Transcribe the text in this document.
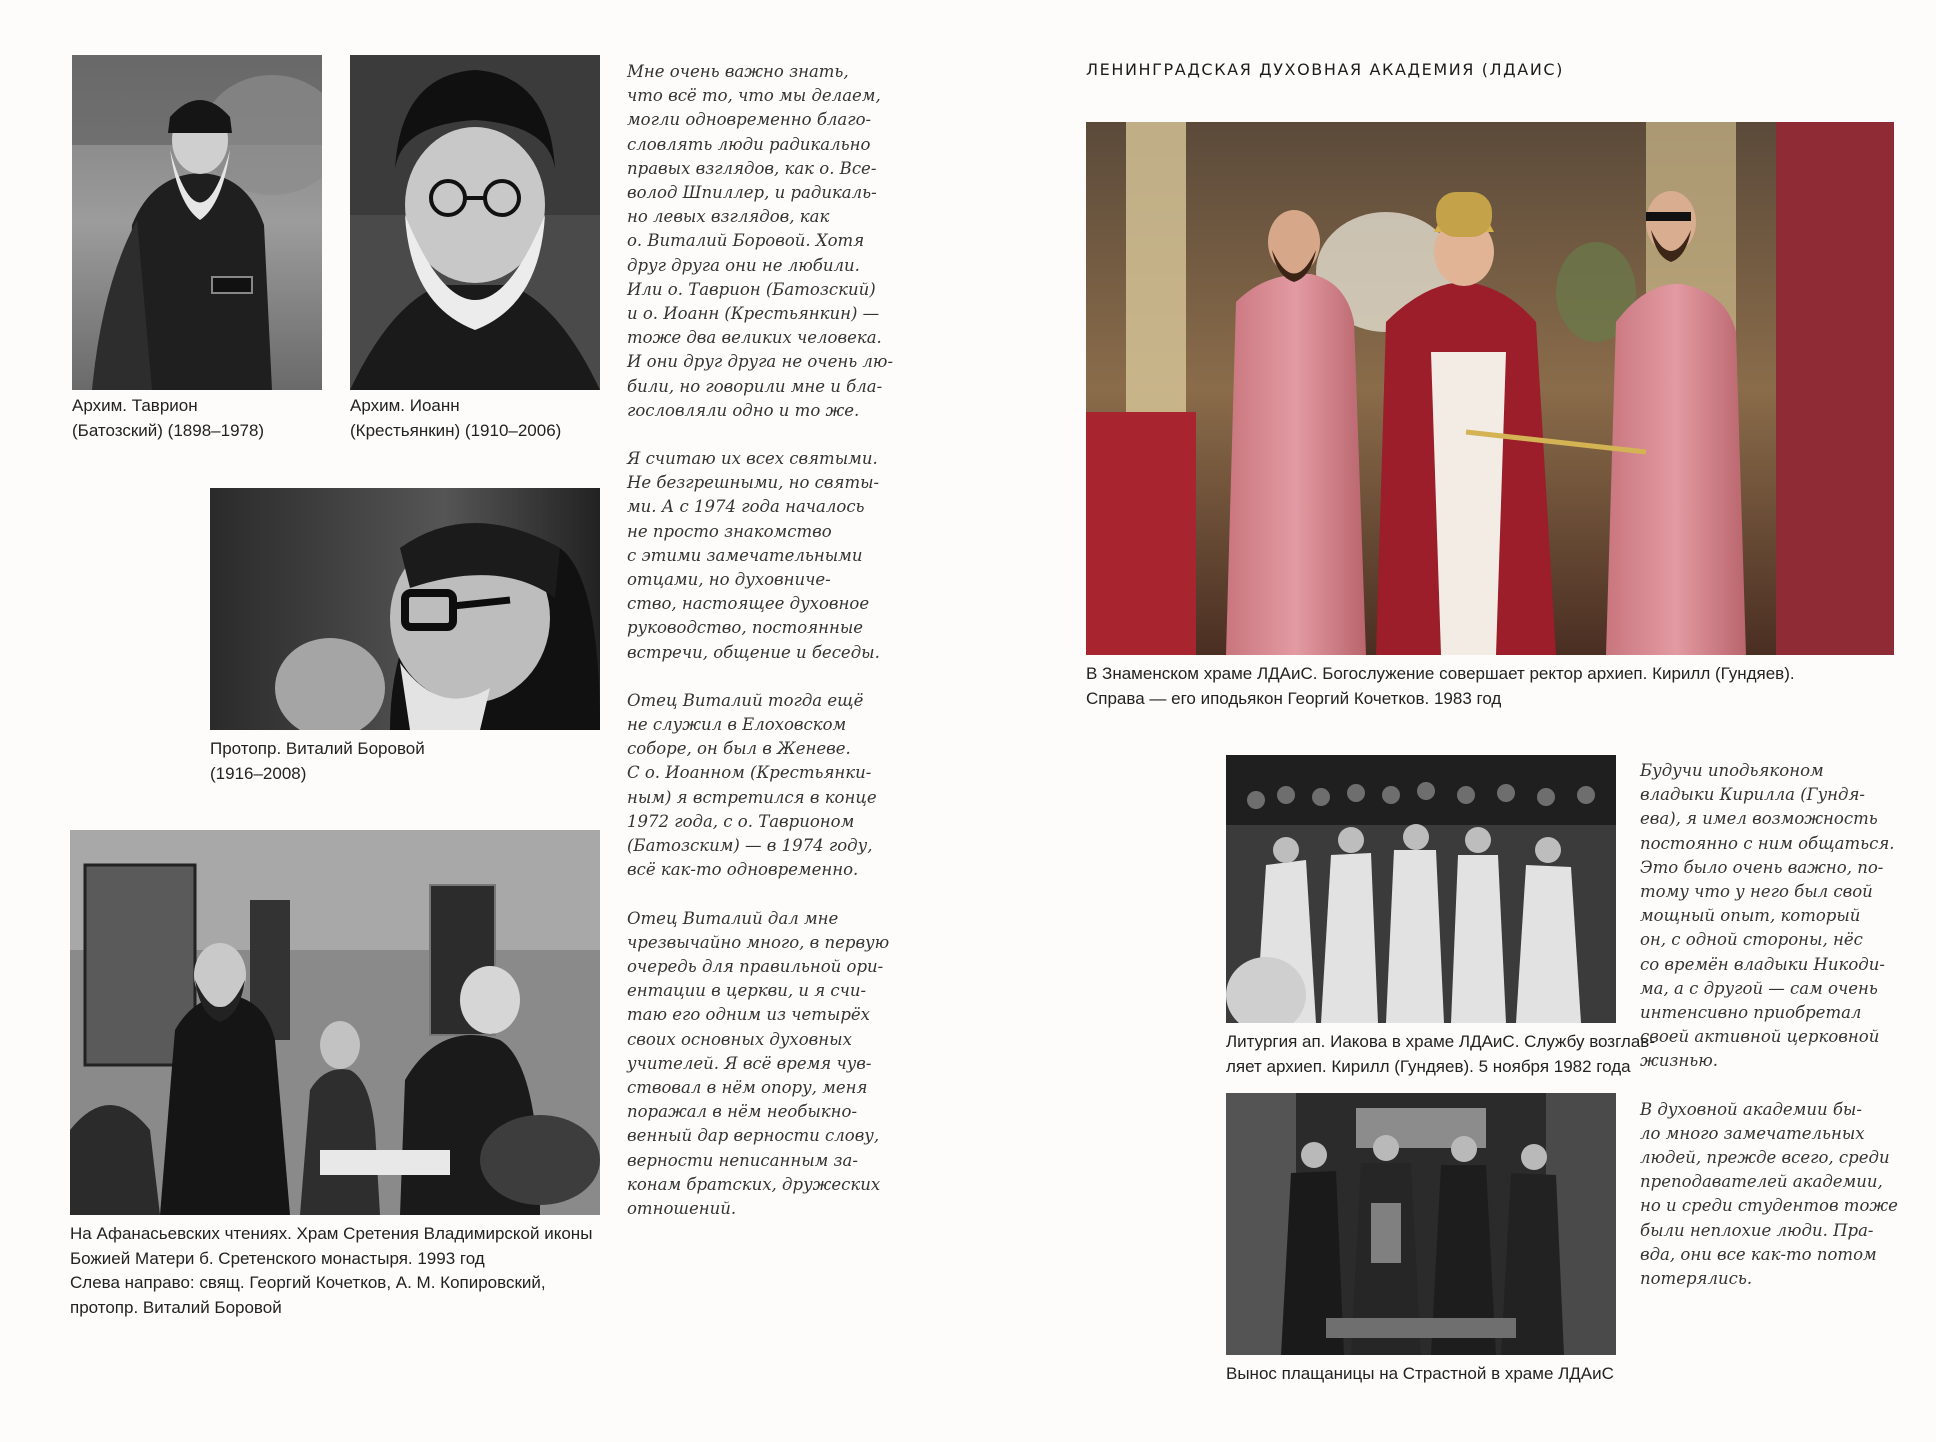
Архим. Таврион
(Батозский) (1898–1978)
Архим. Иоанн
(Крестьянкин) (1910–2006)
Протопр. Виталий Боровой
(1916–2008)
На Афанасьевских чтениях. Храм Сретения Владимирской иконы
Божией Матери б. Сретенского монастыря. 1993 год
Слева направо: свящ. Георгий Кочетков, А. М. Копировский,
протопр. Виталий Боровой
Мне очень важно знать,
что всё то, что мы делаем,
могли одновременно благо-
словлять люди радикально
правых взглядов, как о. Все-
волод Шпиллер, и радикаль-
но левых взглядов, как
о. Виталий Боровой. Хотя
друг друга они не любили.
Или о. Таврион (Батозский)
и о. Иоанн (Крестьянкин) —
тоже два великих человека.
И они друг друга не очень лю-
били, но говорили мне и бла-
гословляли одно и то же.
Я считаю их всех святыми.
Не безгрешными, но святы-
ми. А с 1974 года началось
не просто знакомство
с этими замечательными
отцами, но духовниче-
ство, настоящее духовное
руководство, постоянные
встречи, общение и беседы.
Отец Виталий тогда ещё
не служил в Елоховском
соборе, он был в Женеве.
С о. Иоанном (Крестьянки-
ным) я встретился в конце
1972 года, с о. Таврионом
(Батозским) — в 1974 году,
всё как-то одновременно.
Отец Виталий дал мне
чрезвычайно много, в первую
очередь для правильной ори-
ентации в церкви, и я счи-
таю его одним из четырёх
своих основных духовных
учителей. Я всё время чув-
ствовал в нём опору, меня
поражал в нём необыкно-
венный дар верности слову,
верности неписанным за-
конам братских, дружеских
отношений.
ЛЕНИНГРАДСКАЯ ДУХОВНАЯ АКАДЕМИЯ (ЛДАИС)
В Знаменском храме ЛДАиС. Богослужение совершает ректор архиеп. Кирилл (Гундяев).
Справа — его иподьякон Георгий Кочетков. 1983 год
Литургия ап. Иакова в храме ЛДАиС. Службу возглав-
ляет архиеп. Кирилл (Гундяев). 5 ноября 1982 года
Вынос плащаницы на Страстной в храме ЛДАиС
Будучи иподьяконом
владыки Кирилла (Гундя-
ева), я имел возможность
постоянно с ним общаться.
Это было очень важно, по-
тому что у него был свой
мощный опыт, который
он, с одной стороны, нёс
со времён владыки Никоди-
ма, а с другой — сам очень
интенсивно приобретал
своей активной церковной
жизнью.
В духовной академии бы-
ло много замечательных
людей, прежде всего, среди
преподавателей академии,
но и среди студентов тоже
были неплохие люди. Пра-
вда, они все как-то потом
потерялись.
